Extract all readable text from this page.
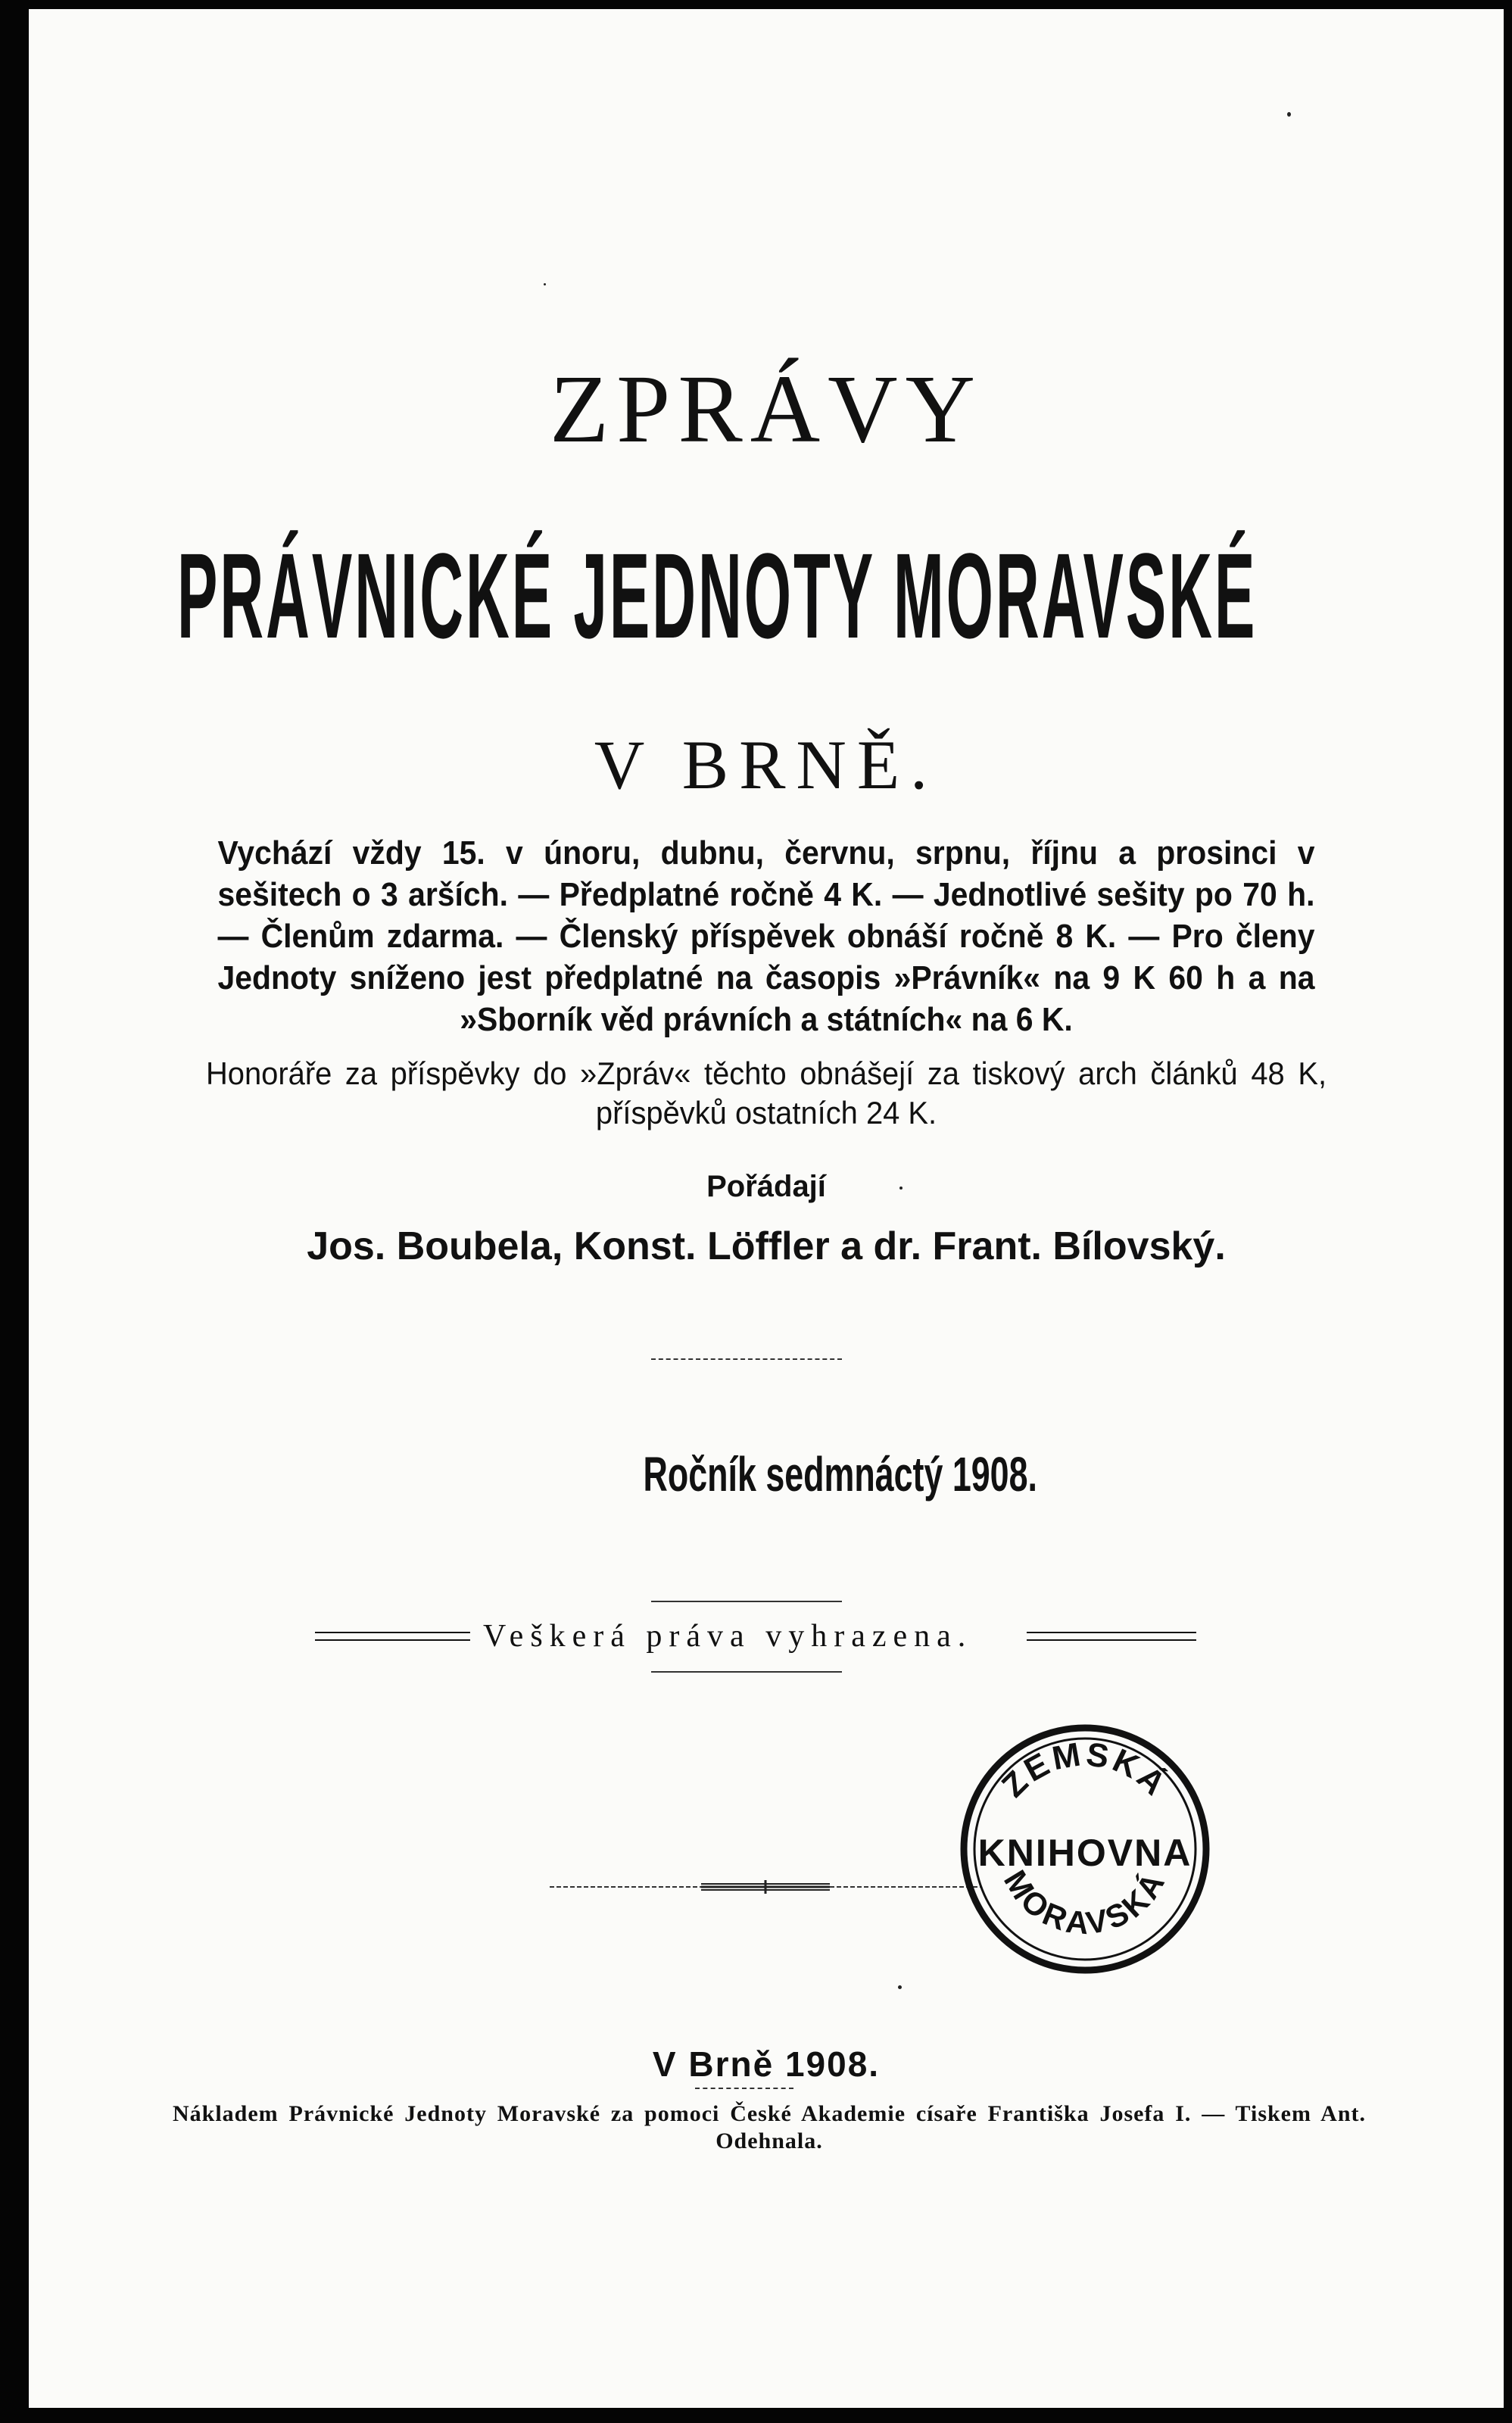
ZPRÁVY
PRÁVNICKÉ JEDNOTY MORAVSKÉ
V BRNĚ.
Vychází vždy 15. v únoru, dubnu, červnu, srpnu, říjnu a prosinci v sešitech o 3 arších. — Předplatné ročně 4 K. — Jednotlivé sešity po 70 h. — Členům zdarma. — Členský příspěvek obnáší ročně 8 K. — Pro členy Jednoty sníženo jest předplatné na časopis »Právník« na 9 K 60 h a na »Sborník věd právních a státních« na 6 K.
Honoráře za příspěvky do »Zpráv« těchto obnášejí za tiskový arch článků 48 K, příspěvků ostatních 24 K.
Pořádají
Jos. Boubela, Konst. Löffler a dr. Frant. Bílovský.
Ročník sedmnáctý 1908.
Veškerá práva vyhrazena.
ZEMSKÁ
KNIHOVNA
MORAVSKÁ
V Brně 1908.
Nákladem Právnické Jednoty Moravské za pomoci České Akademie císaře Františka Josefa I. — Tiskem Ant. Odehnala.
